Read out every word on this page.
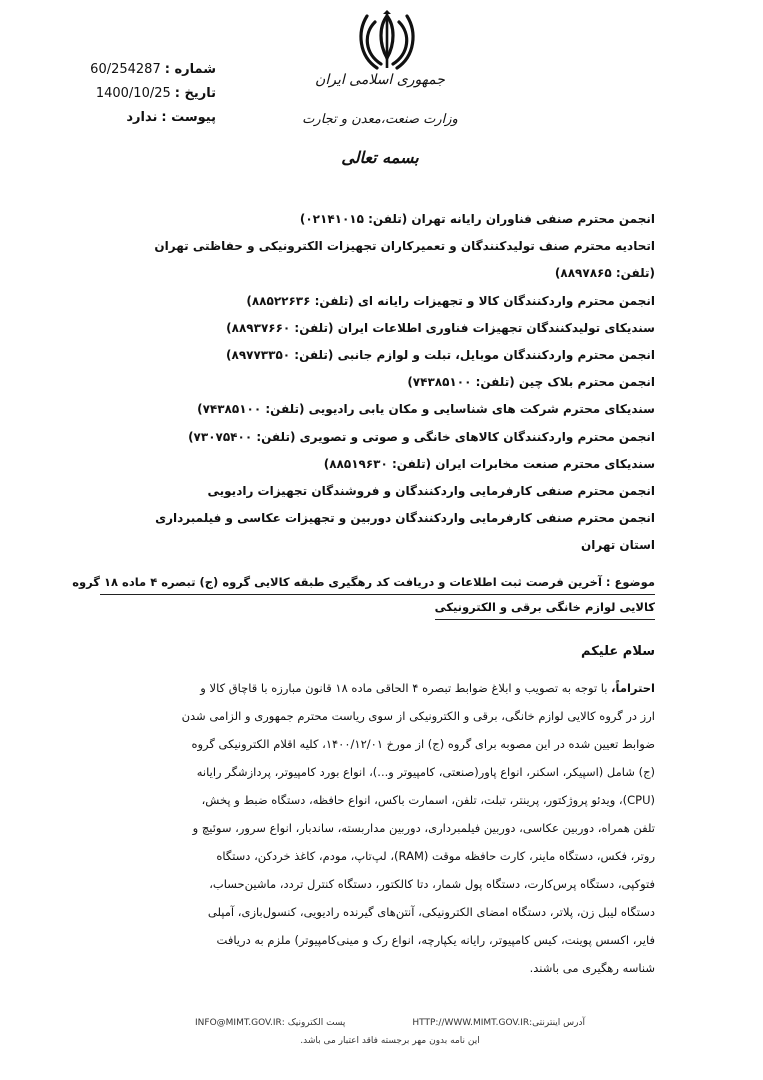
شماره :
60/254287
تاریخ :
1400/10/25
پیوست :
ندارد
جمهوری اسلامی ایران
وزارت صنعت،معدن و تجارت
بسمه تعالی
انجمن محترم صنفی فناوران رایانه تهران (تلفن: ۰۲۱۴۱۰۱۵)
اتحادیه محترم صنف تولیدکنندگان و تعمیرکاران تجهیزات الکترونیکی و حفاظتی تهران
(تلفن: ۸۸۹۷۸۶۵)
انجمن محترم واردکنندگان کالا و تجهیزات رایانه ای (تلفن: ۸۸۵۲۲۶۳۶)
سندیکای تولیدکنندگان تجهیزات فناوری اطلاعات ایران (تلفن: ۸۸۹۳۷۶۶۰)
انجمن محترم واردکنندگان موبایل، تبلت و لوازم جانبی (تلفن: ۸۹۷۷۳۳۵۰)
انجمن محترم بلاک چین (تلفن: ۷۴۳۸۵۱۰۰)
سندیکای محترم شرکت های شناسایی و مکان یابی رادیویی (تلفن: ۷۴۳۸۵۱۰۰)
انجمن محترم واردکنندگان کالاهای خانگی و صوتی و تصویری (تلفن: ۷۳۰۷۵۴۰۰)
سندیکای محترم صنعت مخابرات ایران (تلفن: ۸۸۵۱۹۶۳۰)
انجمن محترم صنفی کارفرمایی واردکنندگان و فروشندگان تجهیزات رادیویی
انجمن محترم صنفی کارفرمایی واردکنندگان دوربین و تجهیزات عکاسی و فیلمبرداری
استان تهران
موضوع : آخرین فرصت ثبت اطلاعات و دریافت کد رهگیری طبقه کالایی گروه (ج) تبصره ۴ ماده ۱۸ گروه
کالایی لوازم خانگی برقی و الکترونیکی
سلام علیکم
احتراماً، با توجه به تصویب و ابلاغ ضوابط تبصره ۴ الحاقی ماده ۱۸ قانون مبارزه با قاچاق کالا و
ارز در گروه کالایی لوازم خانگی، برقی و الکترونیکی از سوی ریاست محترم جمهوری و الزامی شدن
ضوابط تعیین شده در این مصوبه برای گروه (ج) از مورخ ۱۴۰۰/۱۲/۰۱، کلیه اقلام الکترونیکی گروه
(ج) شامل (اسپیکر، اسکنر، انواع پاور(صنعتی، کامپیوتر و...)، انواع بورد کامپیوتر، پردازشگر رایانه
(CPU)، ویدئو پروژکتور، پرینتر، تبلت، تلفن، اسمارت باکس، انواع حافظه، دستگاه ضبط و پخش،
تلفن همراه، دوربین عکاسی، دوربین فیلمبرداری، دوربین مداربسته، ساندبار، انواع سرور، سوئیچ و
روتر، فکس، دستگاه ماینر، کارت حافظه موقت (RAM)، لپ‌تاپ، مودم، کاغذ خردکن، دستگاه
فتوکپی، دستگاه پرس‌کارت، دستگاه پول شمار، دتا کالکتور، دستگاه کنترل تردد، ماشین‌حساب،
دستگاه لیبل زن، پلاتر، دستگاه امضای الکترونیکی، آنتن‌های گیرنده رادیویی، کنسول‌بازی، آمپلی
فایر، اکسس پوینت، کیس کامپیوتر، رایانه یکپارچه، انواع رک و مینی‌کامپیوتر) ملزم به دریافت
شناسه رهگیری می باشند.
آدرس اینترنتی:HTTP://WWW.MIMT.GOV.IR
پست الکترونیک :INFO@MIMT.GOV.IR
این نامه بدون مهر برجسته فاقد اعتبار می باشد.
